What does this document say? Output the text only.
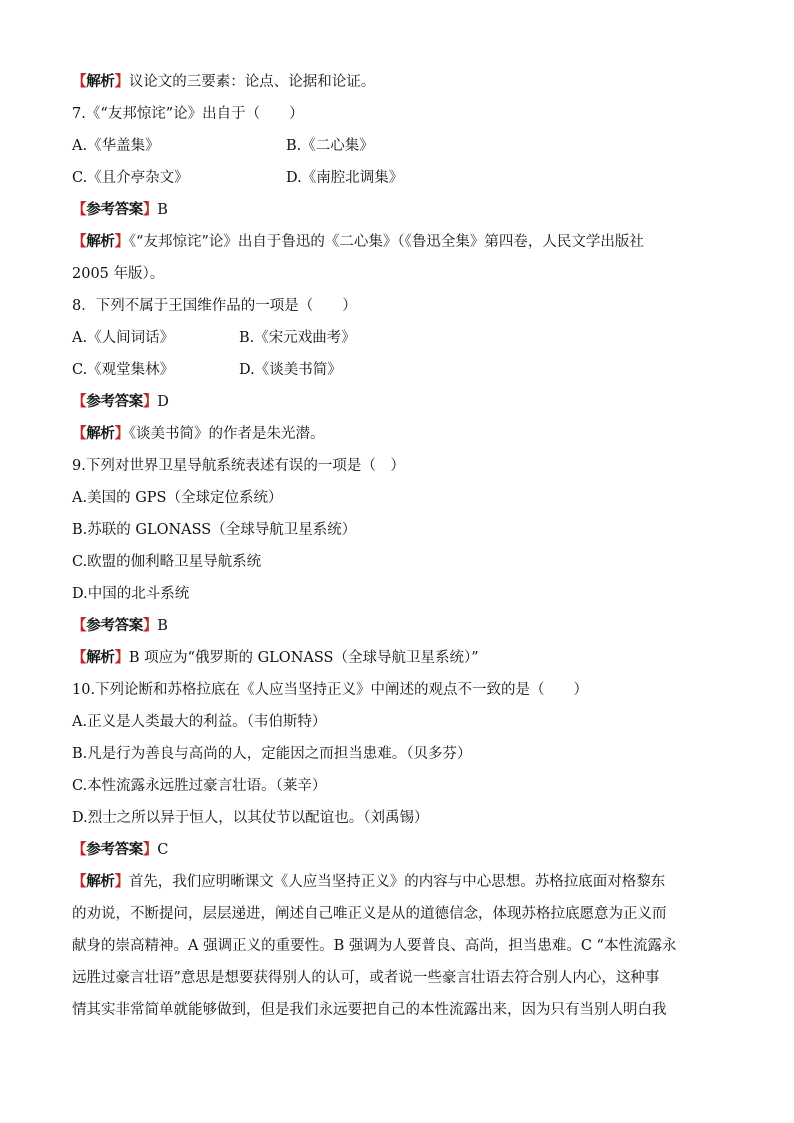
【解析】议论文的三要素：论点、论据和论证。
7.《“友邦惊诧”论》出自于（　　）
A.《华盖集》	B.《二心集》
C.《且介亭杂文》	D.《南腔北调集》
【参考答案】B
【解析】《“友邦惊诧”论》出自于鲁迅的《二心集》（《鲁迅全集》第四卷，人民文学出版社
2005 年版）。
8．下列不属于王国维作品的一项是（　　）
A.《人间词话》	B.《宋元戏曲考》
C.《观堂集林》	D.《谈美书简》
【参考答案】D
【解析】《谈美书简》的作者是朱光潜。
9.下列对世界卫星导航系统表述有误的一项是（　）
A.美国的 GPS（全球定位系统）
B.苏联的 GLONASS（全球导航卫星系统）
C.欧盟的伽利略卫星导航系统
D.中国的北斗系统
【参考答案】B
【解析】B 项应为“俄罗斯的 GLONASS（全球导航卫星系统）”
10.下列论断和苏格拉底在《人应当坚持正义》中阐述的观点不一致的是（　　）
A.正义是人类最大的利益。（韦伯斯特）
B.凡是行为善良与高尚的人，定能因之而担当患难。（贝多芬）
C.本性流露永远胜过豪言壮语。（莱辛）
D.烈士之所以异于恒人，以其仗节以配谊也。（刘禹锡）
【参考答案】C
【解析】首先，我们应明晰课文《人应当坚持正义》的内容与中心思想。苏格拉底面对格黎东
的劝说，不断提问，层层递进，阐述自己唯正义是从的道德信念，体现苏格拉底愿意为正义而
献身的崇高精神。A 强调正义的重要性。B 强调为人要普良、高尚，担当患难。C “本性流露永
远胜过豪言壮语”意思是想要获得别人的认可，或者说一些豪言壮语去符合别人内心，这种事
情其实非常简单就能够做到，但是我们永远要把自己的本性流露出来，因为只有当别人明白我
